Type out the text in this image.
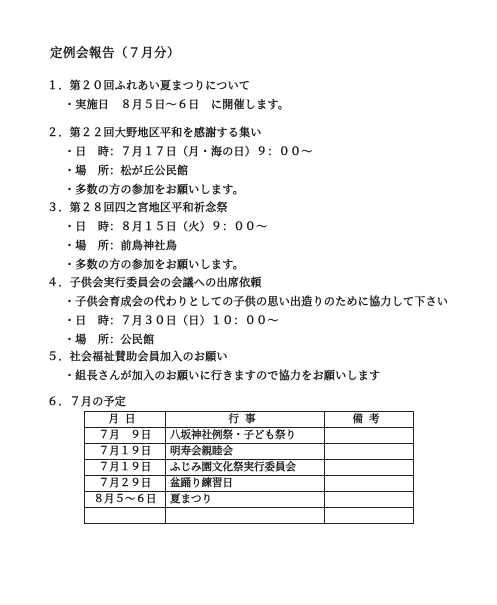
定例会報告（７月分）
１．第２０回ふれあい夏まつりについて
・実施日　８月５日～６日　に開催します。
２．第２２回大野地区平和を感謝する集い
・日　時：７月１７日（月・海の日）９：００～
・場　所：松が丘公民館
・多数の方の参加をお願いします。
３．第２８回四之宮地区平和祈念祭
・日　時：８月１５日（火）９：００～
・場　所：前鳥神社鳥
・多数の方の参加をお願いします。
４．子供会実行委員会の会議への出席依頼
・子供会育成会の代わりとしての子供の思い出造りのために協力して下さい
・日　時：７月３０日（日）１０：００～
・場　所：公民館
５．社会福祉賛助会員加入のお願い
・組長さんが加入のお願いに行きますので協力をお願いします
６．７月の予定
月日	行事	備考
７月　９日	八坂神社例祭・子ども祭り	
７月１９日	明寿会親睦会	
７月１９日	ふじみ園文化祭実行委員会	
７月２９日	盆踊り練習日	
８月５～６日	夏まつり	
